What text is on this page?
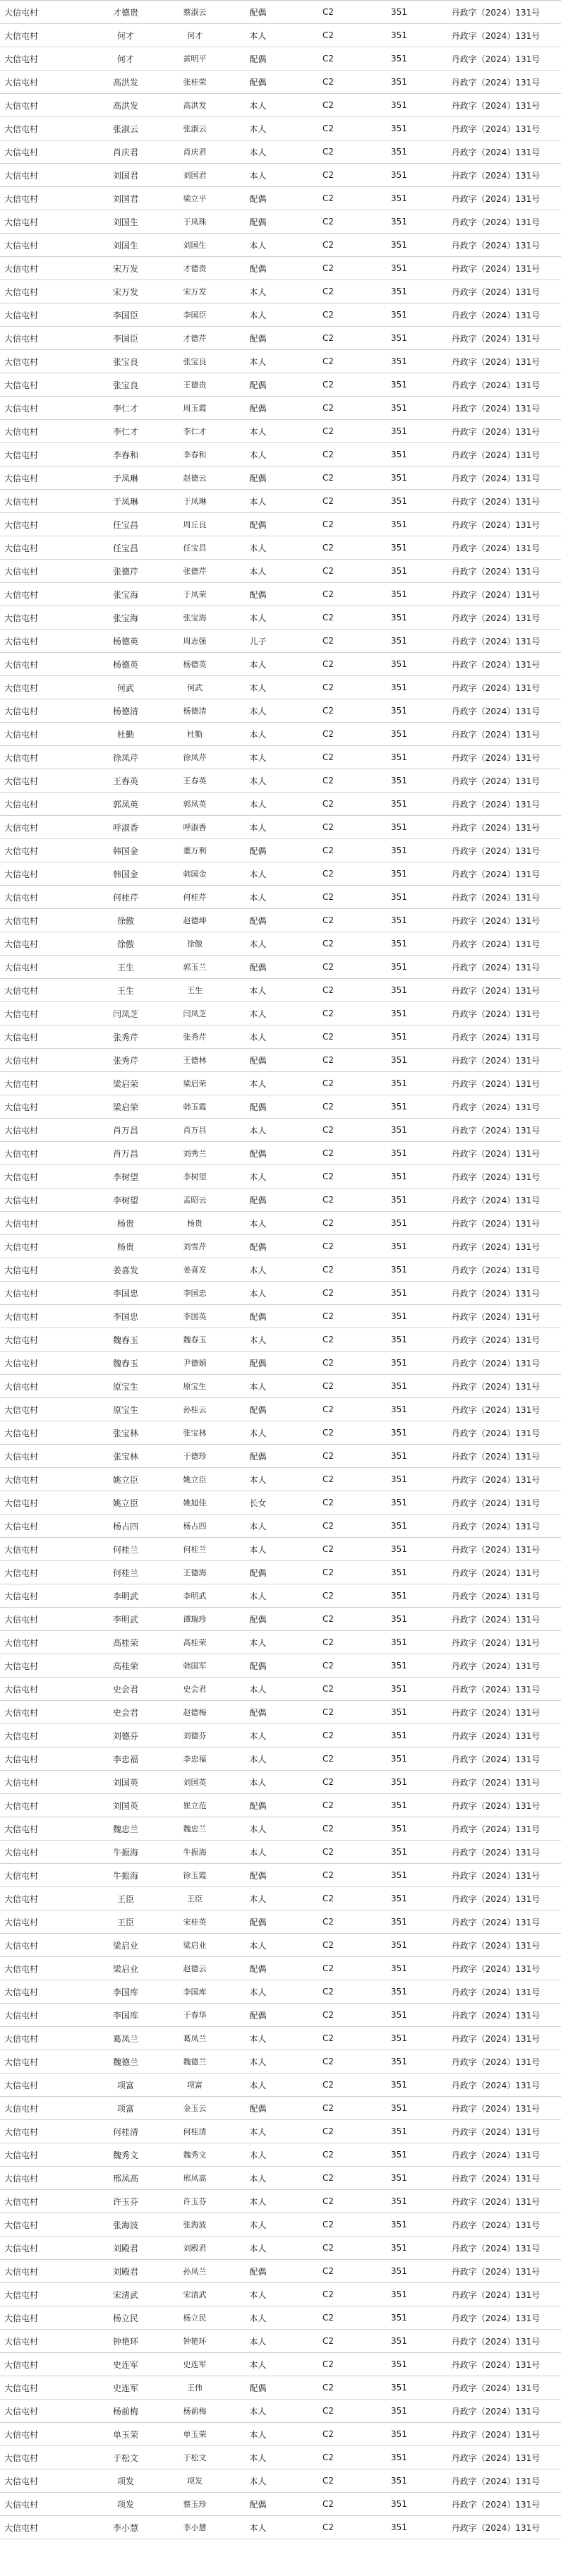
大信屯村	才德贵	蔡淑云	配偶	C2	351	丹政字（2024）131号
大信屯村	何才	何才	本人	C2	351	丹政字（2024）131号
大信屯村	何才	黄明平	配偶	C2	351	丹政字（2024）131号
大信屯村	高洪发	张桂荣	配偶	C2	351	丹政字（2024）131号
大信屯村	高洪发	高洪发	本人	C2	351	丹政字（2024）131号
大信屯村	张淑云	张淑云	本人	C2	351	丹政字（2024）131号
大信屯村	肖庆君	肖庆君	本人	C2	351	丹政字（2024）131号
大信屯村	刘国君	刘国君	本人	C2	351	丹政字（2024）131号
大信屯村	刘国君	梁立平	配偶	C2	351	丹政字（2024）131号
大信屯村	刘国生	于凤珠	配偶	C2	351	丹政字（2024）131号
大信屯村	刘国生	刘国生	本人	C2	351	丹政字（2024）131号
大信屯村	宋万发	才德贵	配偶	C2	351	丹政字（2024）131号
大信屯村	宋万发	宋万发	本人	C2	351	丹政字（2024）131号
大信屯村	李国臣	李国臣	本人	C2	351	丹政字（2024）131号
大信屯村	李国臣	才德芹	配偶	C2	351	丹政字（2024）131号
大信屯村	张宝良	张宝良	本人	C2	351	丹政字（2024）131号
大信屯村	张宝良	王德贵	配偶	C2	351	丹政字（2024）131号
大信屯村	李仁才	周玉霞	配偶	C2	351	丹政字（2024）131号
大信屯村	李仁才	李仁才	本人	C2	351	丹政字（2024）131号
大信屯村	李春和	李春和	本人	C2	351	丹政字（2024）131号
大信屯村	于凤琳	赵德云	配偶	C2	351	丹政字（2024）131号
大信屯村	于凤琳	于凤琳	本人	C2	351	丹政字（2024）131号
大信屯村	任宝昌	周丘良	配偶	C2	351	丹政字（2024）131号
大信屯村	任宝昌	任宝昌	本人	C2	351	丹政字（2024）131号
大信屯村	张德芹	张德芹	本人	C2	351	丹政字（2024）131号
大信屯村	张宝海	于凤荣	配偶	C2	351	丹政字（2024）131号
大信屯村	张宝海	张宝海	本人	C2	351	丹政字（2024）131号
大信屯村	杨德英	周志强	儿子	C2	351	丹政字（2024）131号
大信屯村	杨德英	杨德英	本人	C2	351	丹政字（2024）131号
大信屯村	何武	何武	本人	C2	351	丹政字（2024）131号
大信屯村	杨德清	杨德清	本人	C2	351	丹政字（2024）131号
大信屯村	杜勤	杜勤	本人	C2	351	丹政字（2024）131号
大信屯村	徐凤芹	徐凤芹	本人	C2	351	丹政字（2024）131号
大信屯村	王春英	王春英	本人	C2	351	丹政字（2024）131号
大信屯村	郭凤英	郭凤英	本人	C2	351	丹政字（2024）131号
大信屯村	呼淑香	呼淑香	本人	C2	351	丹政字（2024）131号
大信屯村	韩国金	董万利	配偶	C2	351	丹政字（2024）131号
大信屯村	韩国金	韩国金	本人	C2	351	丹政字（2024）131号
大信屯村	何桂芹	何桂芹	本人	C2	351	丹政字（2024）131号
大信屯村	徐傲	赵德坤	配偶	C2	351	丹政字（2024）131号
大信屯村	徐傲	徐傲	本人	C2	351	丹政字（2024）131号
大信屯村	王生	郭玉兰	配偶	C2	351	丹政字（2024）131号
大信屯村	王生	王生	本人	C2	351	丹政字（2024）131号
大信屯村	闫凤芝	闫凤芝	本人	C2	351	丹政字（2024）131号
大信屯村	张秀芹	张秀芹	本人	C2	351	丹政字（2024）131号
大信屯村	张秀芹	王德林	配偶	C2	351	丹政字（2024）131号
大信屯村	梁启荣	梁启荣	本人	C2	351	丹政字（2024）131号
大信屯村	梁启荣	韩玉霞	配偶	C2	351	丹政字（2024）131号
大信屯村	肖万昌	肖万昌	本人	C2	351	丹政字（2024）131号
大信屯村	肖万昌	刘秀兰	配偶	C2	351	丹政字（2024）131号
大信屯村	李树望	李树望	本人	C2	351	丹政字（2024）131号
大信屯村	李树望	孟昭云	配偶	C2	351	丹政字（2024）131号
大信屯村	杨贵	杨贵	本人	C2	351	丹政字（2024）131号
大信屯村	杨贵	刘雪芹	配偶	C2	351	丹政字（2024）131号
大信屯村	姜喜发	姜喜发	本人	C2	351	丹政字（2024）131号
大信屯村	李国忠	李国忠	本人	C2	351	丹政字（2024）131号
大信屯村	李国忠	李国英	配偶	C2	351	丹政字（2024）131号
大信屯村	魏春玉	魏春玉	本人	C2	351	丹政字（2024）131号
大信屯村	魏春玉	尹德娟	配偶	C2	351	丹政字（2024）131号
大信屯村	原宝生	原宝生	本人	C2	351	丹政字（2024）131号
大信屯村	原宝生	孙桂云	配偶	C2	351	丹政字（2024）131号
大信屯村	张宝林	张宝林	本人	C2	351	丹政字（2024）131号
大信屯村	张宝林	于德珍	配偶	C2	351	丹政字（2024）131号
大信屯村	姚立臣	姚立臣	本人	C2	351	丹政字（2024）131号
大信屯村	姚立臣	姚旭佳	长女	C2	351	丹政字（2024）131号
大信屯村	杨占四	杨占四	本人	C2	351	丹政字（2024）131号
大信屯村	何桂兰	何桂兰	本人	C2	351	丹政字（2024）131号
大信屯村	何桂兰	王德海	配偶	C2	351	丹政字（2024）131号
大信屯村	李明武	李明武	本人	C2	351	丹政字（2024）131号
大信屯村	李明武	谭瑞珍	配偶	C2	351	丹政字（2024）131号
大信屯村	高桂荣	高桂荣	本人	C2	351	丹政字（2024）131号
大信屯村	高桂荣	韩国军	配偶	C2	351	丹政字（2024）131号
大信屯村	史会君	史会君	本人	C2	351	丹政字（2024）131号
大信屯村	史会君	赵德梅	配偶	C2	351	丹政字（2024）131号
大信屯村	刘德芬	刘德芬	本人	C2	351	丹政字（2024）131号
大信屯村	李忠福	李忠福	本人	C2	351	丹政字（2024）131号
大信屯村	刘国英	刘国英	本人	C2	351	丹政字（2024）131号
大信屯村	刘国英	崔立范	配偶	C2	351	丹政字（2024）131号
大信屯村	魏忠兰	魏忠兰	本人	C2	351	丹政字（2024）131号
大信屯村	牛振海	牛振海	本人	C2	351	丹政字（2024）131号
大信屯村	牛振海	徐玉霞	配偶	C2	351	丹政字（2024）131号
大信屯村	王臣	王臣	本人	C2	351	丹政字（2024）131号
大信屯村	王臣	宋桂英	配偶	C2	351	丹政字（2024）131号
大信屯村	梁启业	梁启业	本人	C2	351	丹政字（2024）131号
大信屯村	梁启业	赵德云	配偶	C2	351	丹政字（2024）131号
大信屯村	李国库	李国库	本人	C2	351	丹政字（2024）131号
大信屯村	李国库	于春华	配偶	C2	351	丹政字（2024）131号
大信屯村	葛凤兰	葛凤兰	本人	C2	351	丹政字（2024）131号
大信屯村	魏德兰	魏德兰	本人	C2	351	丹政字（2024）131号
大信屯村	项富	项富	本人	C2	351	丹政字（2024）131号
大信屯村	项富	金玉云	配偶	C2	351	丹政字（2024）131号
大信屯村	何桂清	何桂清	本人	C2	351	丹政字（2024）131号
大信屯村	魏秀文	魏秀文	本人	C2	351	丹政字（2024）131号
大信屯村	邢凤高	邢凤高	本人	C2	351	丹政字（2024）131号
大信屯村	许玉芬	许玉芬	本人	C2	351	丹政字（2024）131号
大信屯村	张海波	张海波	本人	C2	351	丹政字（2024）131号
大信屯村	刘殿君	刘殿君	本人	C2	351	丹政字（2024）131号
大信屯村	刘殿君	孙凤兰	配偶	C2	351	丹政字（2024）131号
大信屯村	宋清武	宋清武	本人	C2	351	丹政字（2024）131号
大信屯村	杨立民	杨立民	本人	C2	351	丹政字（2024）131号
大信屯村	钟艳环	钟艳环	本人	C2	351	丹政字（2024）131号
大信屯村	史连军	史连军	本人	C2	351	丹政字（2024）131号
大信屯村	史连军	王伟	配偶	C2	351	丹政字（2024）131号
大信屯村	杨前梅	杨前梅	本人	C2	351	丹政字（2024）131号
大信屯村	单玉荣	单玉荣	本人	C2	351	丹政字（2024）131号
大信屯村	于松文	于松文	本人	C2	351	丹政字（2024）131号
大信屯村	项发	项发	本人	C2	351	丹政字（2024）131号
大信屯村	项发	蔡玉珍	配偶	C2	351	丹政字（2024）131号
大信屯村	李小慧	李小慧	本人	C2	351	丹政字（2024）131号
